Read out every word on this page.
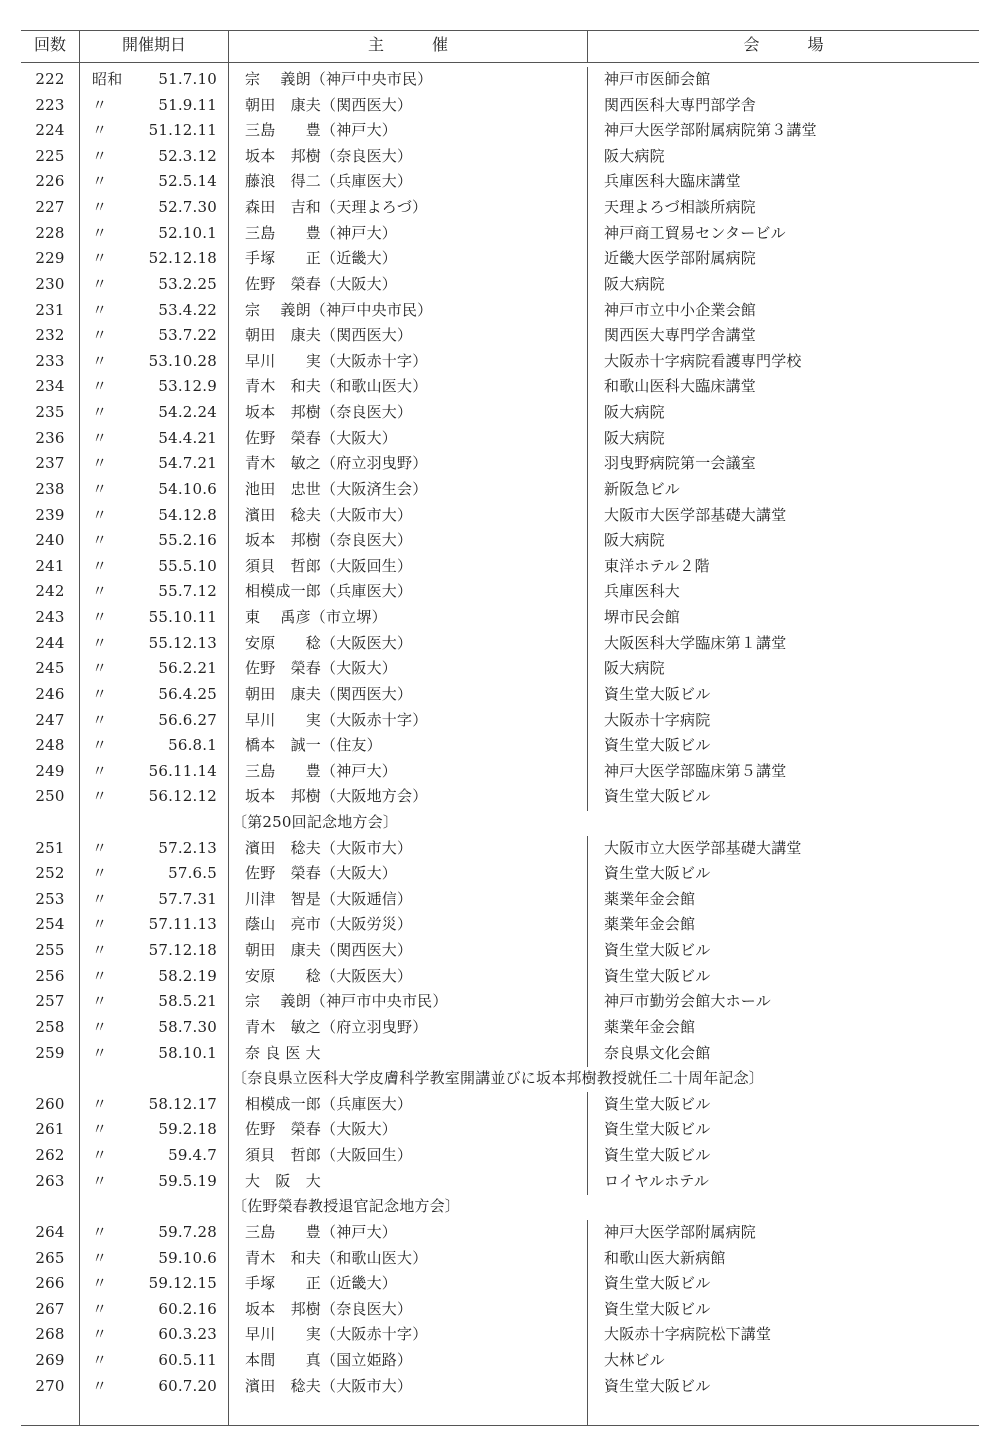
回数	開催期日	主　　　催	会　　　場
222	昭和	51.7.10 宗　 義朗（神戸中央市民）	神戸市医師会館
223	〃	51.9.11 朝田　康夫（関西医大）	関西医科大専門部学舎
224	〃	51.12.11 三島　　豊（神戸大）	神戸大医学部附属病院第３講堂
225	〃	52.3.12 坂本　邦樹（奈良医大）	阪大病院
226	〃	52.5.14 藤浪　得二（兵庫医大）	兵庫医科大臨床講堂
227	〃	52.7.30 森田　吉和（天理よろづ）	天理よろづ相談所病院
228	〃	52.10.1 三島　　豊（神戸大）	神戸商工貿易センタービル
229	〃	52.12.18 手塚　　正（近畿大）	近畿大医学部附属病院
230	〃	53.2.25 佐野　榮春（大阪大）	阪大病院
231	〃	53.4.22 宗　 義朗（神戸中央市民）	神戸市立中小企業会館
232	〃	53.7.22 朝田　康夫（関西医大）	関西医大専門学舎講堂
233	〃	53.10.28 早川　　実（大阪赤十字）	大阪赤十字病院看護専門学校
234	〃	53.12.9 青木　和夫（和歌山医大）	和歌山医科大臨床講堂
235	〃	54.2.24 坂本　邦樹（奈良医大）	阪大病院
236	〃	54.4.21 佐野　榮春（大阪大）	阪大病院
237	〃	54.7.21 青木　敏之（府立羽曳野）	羽曳野病院第一会議室
238	〃	54.10.6 池田　忠世（大阪済生会）	新阪急ビル
239	〃	54.12.8 濱田　稔夫（大阪市大）	大阪市大医学部基礎大講堂
240	〃	55.2.16 坂本　邦樹（奈良医大）	阪大病院
241	〃	55.5.10 須貝　哲郎（大阪回生）	東洋ホテル２階
242	〃	55.7.12 相模成一郎（兵庫医大）	兵庫医科大
243	〃	55.10.11 東　 禹彦（市立堺）	堺市民会館
244	〃	55.12.13 安原　　稔（大阪医大）	大阪医科大学臨床第１講堂
245	〃	56.2.21 佐野　榮春（大阪大）	阪大病院
246	〃	56.4.25 朝田　康夫（関西医大）	資生堂大阪ビル
247	〃	56.6.27 早川　　実（大阪赤十字）	大阪赤十字病院
248	〃	56.8.1 橋本　誠一（住友）	資生堂大阪ビル
249	〃	56.11.14 三島　　豊（神戸大）	神戸大医学部臨床第５講堂
250	〃	56.12.12 坂本　邦樹（大阪地方会）	資生堂大阪ビル
〔第250回記念地方会〕
251	〃	57.2.13 濱田　稔夫（大阪市大）	大阪市立大医学部基礎大講堂
252	〃	57.6.5 佐野　榮春（大阪大）	資生堂大阪ビル
253	〃	57.7.31 川津　智是（大阪逓信）	薬業年金会館
254	〃	57.11.13 蔭山　亮市（大阪労災）	薬業年金会館
255	〃	57.12.18 朝田　康夫（関西医大）	資生堂大阪ビル
256	〃	58.2.19 安原　　稔（大阪医大）	資生堂大阪ビル
257	〃	58.5.21 宗　 義朗（神戸市中央市民）	神戸市勤労会館大ホール
258	〃	58.7.30 青木　敏之（府立羽曳野）	薬業年金会館
259	〃	58.10.1 奈 良 医 大	奈良県文化会館
〔奈良県立医科大学皮膚科学教室開講並びに坂本邦樹教授就任二十周年記念〕
260	〃	58.12.17 相模成一郎（兵庫医大）	資生堂大阪ビル
261	〃	59.2.18 佐野　榮春（大阪大）	資生堂大阪ビル
262	〃	59.4.7 須貝　哲郎（大阪回生）	資生堂大阪ビル
263	〃	59.5.19 大　阪　大	ロイヤルホテル
〔佐野榮春教授退官記念地方会〕
264	〃	59.7.28 三島　　豊（神戸大）	神戸大医学部附属病院
265	〃	59.10.6 青木　和夫（和歌山医大）	和歌山医大新病館
266	〃	59.12.15 手塚　　正（近畿大）	資生堂大阪ビル
267	〃	60.2.16 坂本　邦樹（奈良医大）	資生堂大阪ビル
268	〃	60.3.23 早川　　実（大阪赤十字）	大阪赤十字病院松下講堂
269	〃	60.5.11 本間　　真（国立姫路）	大林ビル
270	〃	60.7.20 濱田　稔夫（大阪市大）	資生堂大阪ビル
